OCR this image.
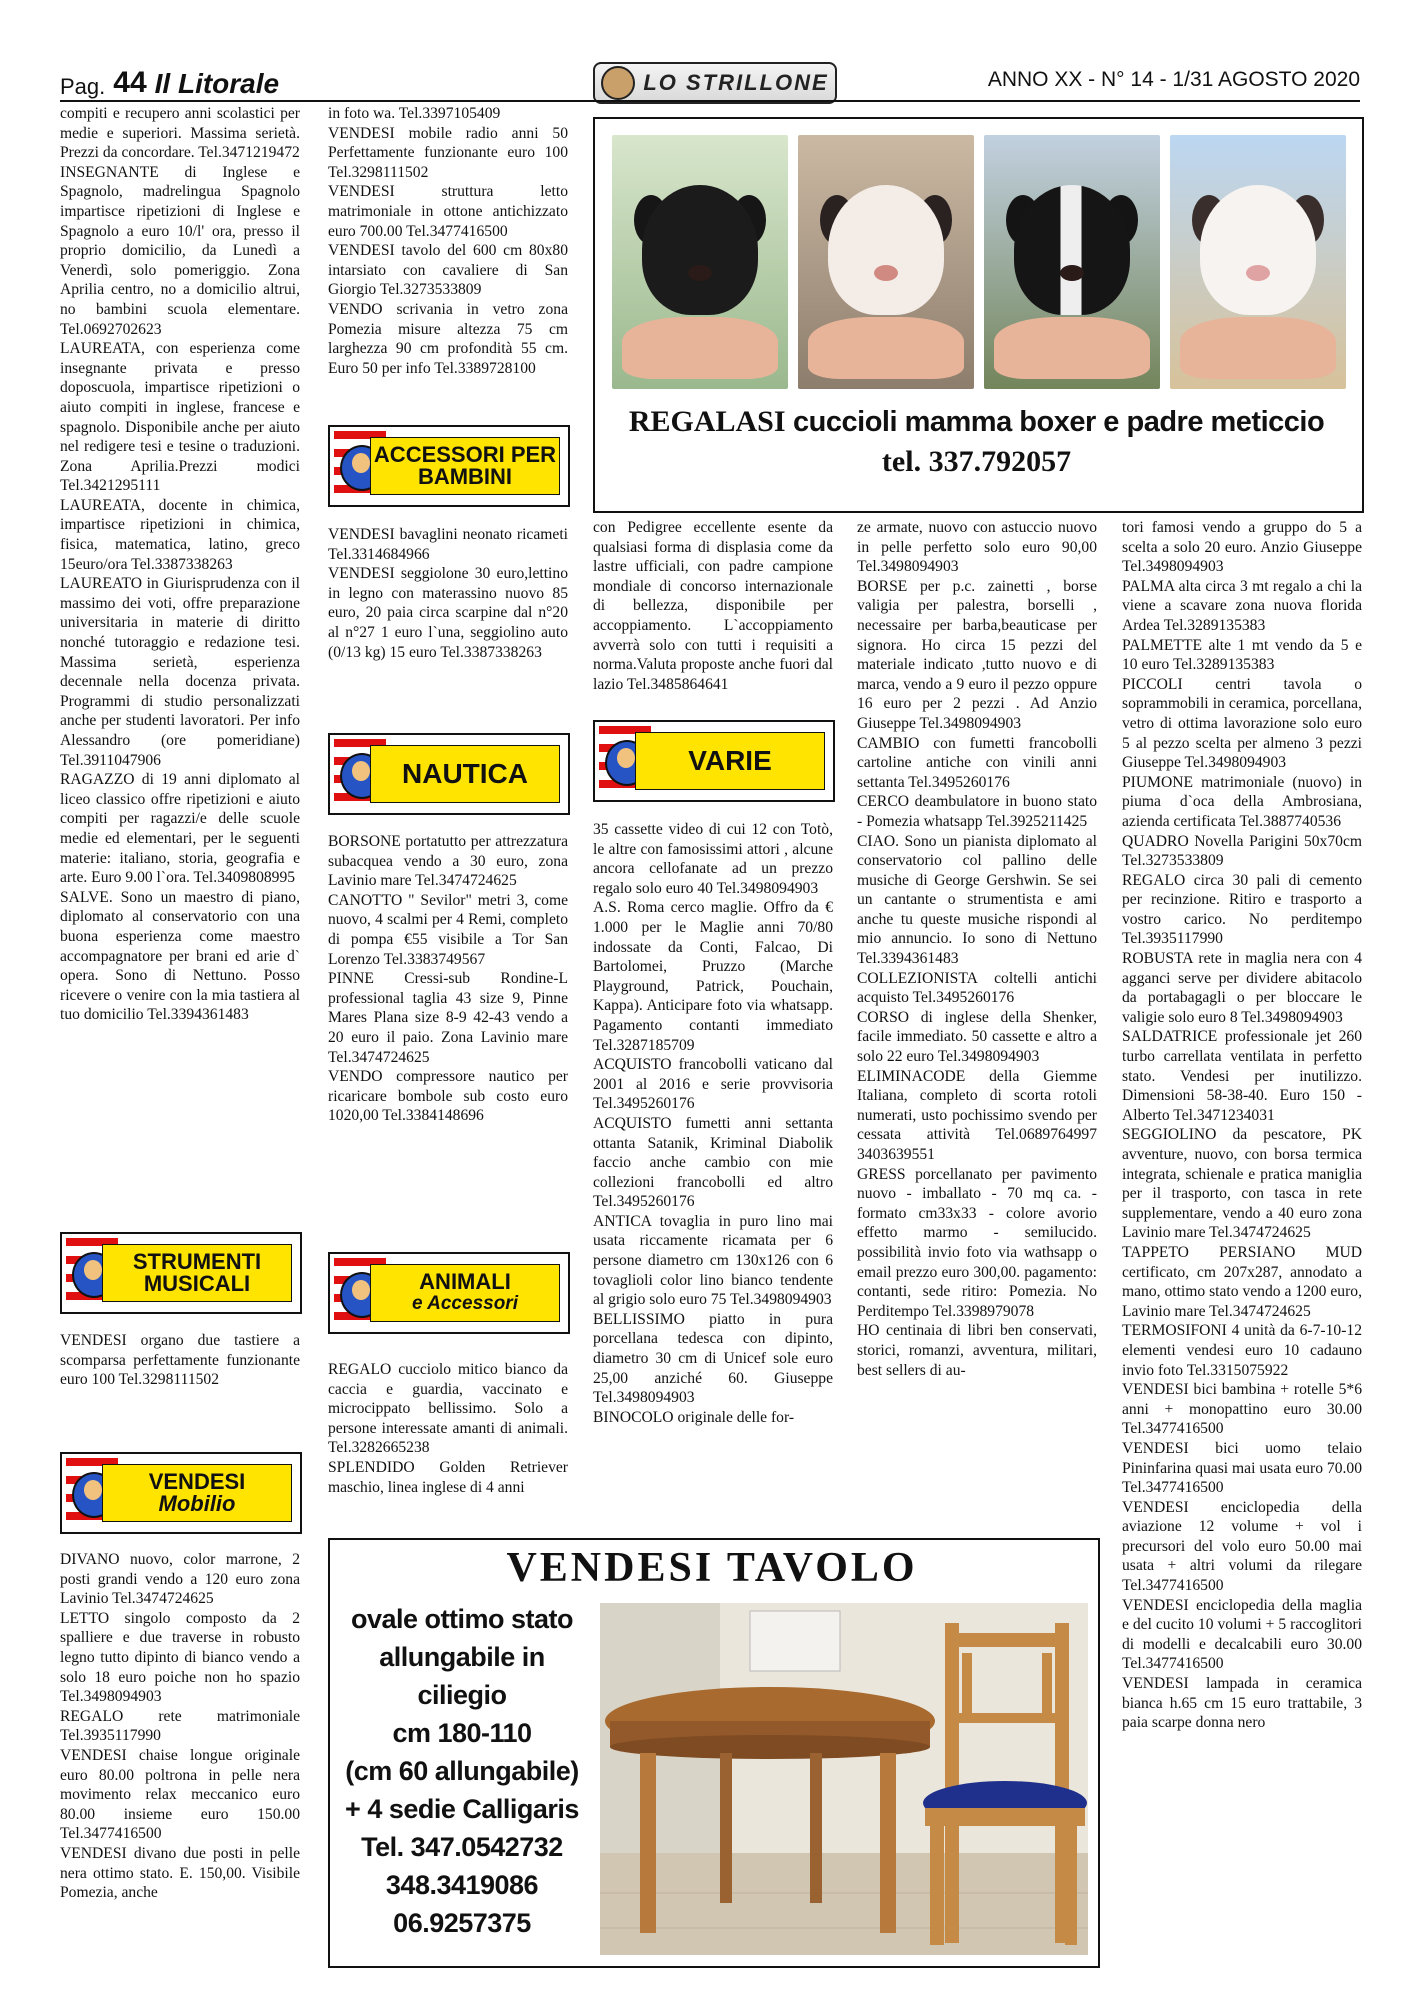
Pag. 44 Il Litorale	LO STRILLONE	ANNO XX - N° 14 - 1/31 AGOSTO 2020

compiti e recupero anni scolastici per medie e superiori. Massima serietà. Prezzi da concordare. Tel.3471219472

INSEGNANTE di Inglese e Spagnolo, madrelingua Spagnolo impartisce ripetizioni di Inglese e Spagnolo a euro 10/l' ora, presso il proprio domicilio, da Lunedì a Venerdì, solo pomeriggio. Zona Aprilia centro, no a domicilio altrui, no bambini scuola elementare. Tel.0692702623

LAUREATA, con esperienza come insegnante privata e presso doposcuola, impartisce ripetizioni o aiuto compiti in inglese, francese e spagnolo. Disponibile anche per aiuto nel redigere tesi e tesine o traduzioni. Zona Aprilia.Prezzi modici Tel.3421295111

LAUREATA, docente in chimica, impartisce ripetizioni in chimica, fisica, matematica, latino, greco 15euro/ora Tel.3387338263

LAUREATO in Giurisprudenza con il massimo dei voti, offre preparazione universitaria in materie di diritto nonché tutoraggio e redazione tesi. Massima serietà, esperienza decennale nella docenza privata. Programmi di studio personalizzati anche per studenti lavoratori. Per info Alessandro (ore pomeridiane) Tel.3911047906

RAGAZZO di 19 anni diplomato al liceo classico offre ripetizioni e aiuto compiti per ragazzi/e delle scuole medie ed elementari, per le seguenti materie: italiano, storia, geografia e arte. Euro 9.00 l`ora. Tel.3409808995

SALVE. Sono un maestro di piano, diplomato al conservatorio con una buona esperienza come maestro accompagnatore per brani ed arie d` opera. Sono di Nettuno. Posso ricevere o venire con la mia tastiera al tuo domicilio Tel.3394361483

STRUMENTI MUSICALI

VENDESI organo due tastiere a scomparsa perfettamente funzionante euro 100 Tel.3298111502

VENDESI
Mobilio

DIVANO nuovo, color marrone, 2 posti grandi vendo a 120 euro zona Lavinio Tel.3474724625

LETTO singolo composto da 2 spalliere e due traverse in robusto legno tutto dipinto di bianco vendo a solo 18 euro poiche non ho spazio Tel.3498094903

REGALO rete matrimoniale Tel.3935117990

VENDESI chaise longue originale euro 80.00 poltrona in pelle nera movimento relax meccanico euro 80.00 insieme euro 150.00 Tel.3477416500

VENDESI divano due posti in pelle nera ottimo stato. E. 150,00. Visibile Pomezia, anche

in foto wa. Tel.3397105409

VENDESI mobile radio anni 50 Perfettamente funzionante euro 100 Tel.3298111502

VENDESI struttura letto matrimoniale in ottone antichizzato euro 700.00 Tel.3477416500

VENDESI tavolo del 600 cm 80x80 intarsiato con cavaliere di San Giorgio Tel.3273533809

VENDO scrivania in vetro zona Pomezia misure altezza 75 cm larghezza 90 cm profondità 55 cm. Euro 50 per info Tel.3389728100

ACCESSORI PER BAMBINI

VENDESI bavaglini neonato ricameti Tel.3314684966

VENDESI seggiolone 30 euro,lettino in legno con materassino nuovo 85 euro, 20 paia circa scarpine dal n°20 al n°27 1 euro l`una, seggiolino auto (0/13 kg) 15 euro Tel.3387338263

NAUTICA

BORSONE portatutto per attrezzatura subacquea vendo a 30 euro, zona Lavinio mare Tel.3474724625

CANOTTO " Sevilor" metri 3, come nuovo, 4 scalmi per 4 Remi, completo di pompa €55 visibile a Tor San Lorenzo Tel.3383749567

PINNE Cressi-sub Rondine-L professional taglia 43 size 9, Pinne Mares Plana size 8-9 42-43 vendo a 20 euro il paio. Zona Lavinio mare Tel.3474724625

VENDO compressore nautico per ricaricare bombole sub costo euro 1020,00 Tel.3384148696

ANIMALI
e Accessori

REGALO cucciolo mitico bianco da caccia e guardia, vaccinato e microcippato bellissimo. Solo a persone interessate amanti di animali. Tel.3282665238

SPLENDIDO Golden Retriever maschio, linea inglese di 4 anni

REGALASI cuccioli mamma boxer e padre meticcio
tel. 337.792057

con Pedigree eccellente esente da qualsiasi forma di displasia come da lastre ufficiali, con padre campione mondiale di concorso internazionale di bellezza, disponibile per accoppiamento. L`accoppiamento avverrà solo con tutti i requisiti a norma.Valuta proposte anche fuori dal lazio Tel.3485864641

VARIE

35 cassette video di cui 12 con Totò, le altre con famosissimi attori , alcune ancora cellofanate ad un prezzo regalo solo euro 40 Tel.3498094903

A.S. Roma cerco maglie. Offro da € 1.000 per le Maglie anni 70/80 indossate da Conti, Falcao, Di Bartolomei, Pruzzo (Marche Playground, Patrick, Pouchain, Kappa). Anticipare foto via whatsapp. Pagamento contanti immediato Tel.3287185709

ACQUISTO francobolli vaticano dal 2001 al 2016 e serie provvisoria Tel.3495260176

ACQUISTO fumetti anni settanta ottanta Satanik, Kriminal Diabolik faccio anche cambio con mie collezioni francobolli ed altro Tel.3495260176

ANTICA tovaglia in puro lino mai usata riccamente ricamata per 6 persone diametro cm 130x126 con 6 tovaglioli color lino bianco tendente al grigio solo euro 75 Tel.3498094903

BELLISSIMO piatto in pura porcellana tedesca con dipinto, diametro 30 cm di Unicef sole euro 25,00 anziché 60. Giuseppe Tel.3498094903

BINOCOLO originale delle for-

ze armate, nuovo con astuccio nuovo in pelle perfetto solo euro 90,00 Tel.3498094903

BORSE per p.c. zainetti , borse valigia per palestra, borselli , necessaire per barba,beauticase per signora. Ho circa 15 pezzi del materiale indicato ,tutto nuovo e di marca, vendo a 9 euro il pezzo oppure 16 euro per 2 pezzi . Ad Anzio Giuseppe Tel.3498094903

CAMBIO con fumetti francobolli cartoline antiche con vinili anni settanta Tel.3495260176

CERCO deambulatore in buono stato - Pomezia whatsapp Tel.3925211425

CIAO. Sono un pianista diplomato al conservatorio col pallino delle musiche di George Gershwin. Se sei un cantante o strumentista e ami anche tu queste musiche rispondi al mio annuncio. Io sono di Nettuno Tel.3394361483

COLLEZIONISTA coltelli antichi acquisto Tel.3495260176

CORSO di inglese della Shenker, facile immediato. 50 cassette e altro a solo 22 euro Tel.3498094903

ELIMINACODE della Giemme Italiana, completo di scorta rotoli numerati, usto pochissimo svendo per cessata attività Tel.0689764997 3403639551

GRESS porcellanato per pavimento nuovo - imballato - 70 mq ca. - formato cm33x33 - colore avorio effetto marmo - semilucido. possibilità invio foto via wathsapp o email prezzo euro 300,00. pagamento: contanti, sede ritiro: Pomezia. No Perditempo Tel.3398979078

HO centinaia di libri ben conservati, storici, romanzi, avventura, militari, best sellers di au-

tori famosi vendo a gruppo do 5 a scelta a solo 20 euro. Anzio Giuseppe Tel.3498094903

PALMA alta circa 3 mt regalo a chi la viene a scavare zona nuova florida Ardea Tel.3289135383

PALMETTE alte 1 mt vendo da 5 e 10 euro Tel.3289135383

PICCOLI centri tavola o soprammobili in ceramica, porcellana, vetro di ottima lavorazione solo euro 5 al pezzo scelta per almeno 3 pezzi Giuseppe Tel.3498094903

PIUMONE matrimoniale (nuovo) in piuma d`oca della Ambrosiana, azienda certificata Tel.3887740536

QUADRO Novella Parigini 50x70cm Tel.3273533809

REGALO circa 30 pali di cemento per recinzione. Ritiro e trasporto a vostro carico. No perditempo Tel.3935117990

ROBUSTA rete in maglia nera con 4 agganci serve per dividere abitacolo da portabagagli o per bloccare le valigie solo euro 8 Tel.3498094903

SALDATRICE professionale jet 260 turbo carrellata ventilata in perfetto stato. Vendesi per inutilizzo. Dimensioni 58-38-40. Euro 150 - Alberto Tel.3471234031

SEGGIOLINO da pescatore, PK avventure, nuovo, con borsa termica integrata, schienale e pratica maniglia per il trasporto, con tasca in rete supplementare, vendo a 40 euro zona Lavinio mare Tel.3474724625

TAPPETO PERSIANO MUD certificato, cm 207x287, annodato a mano, ottimo stato vendo a 1200 euro, Lavinio mare Tel.3474724625

TERMOSIFONI 4 unità da 6-7-10-12 elementi vendesi euro 10 cadauno invio foto Tel.3315075922

VENDESI bici bambina + rotelle 5*6 anni + monopattino euro 30.00 Tel.3477416500

VENDESI bici uomo telaio Pininfarina quasi mai usata euro 70.00 Tel.3477416500

VENDESI enciclopedia della aviazione 12 volume + vol i precursori del volo euro 50.00 mai usata + altri volumi da rilegare Tel.3477416500

VENDESI enciclopedia della maglia e del cucito 10 volumi + 5 raccoglitori di modelli e decalcabili euro 30.00 Tel.3477416500

VENDESI lampada in ceramica bianca h.65 cm 15 euro trattabile, 3 paia scarpe donna nero

VENDESI TAVOLO
ovale ottimo stato
allungabile in ciliegio
cm 180-110
(cm 60 allungabile)
+ 4 sedie Calligaris
Tel. 347.0542732
348.3419086
06.9257375
